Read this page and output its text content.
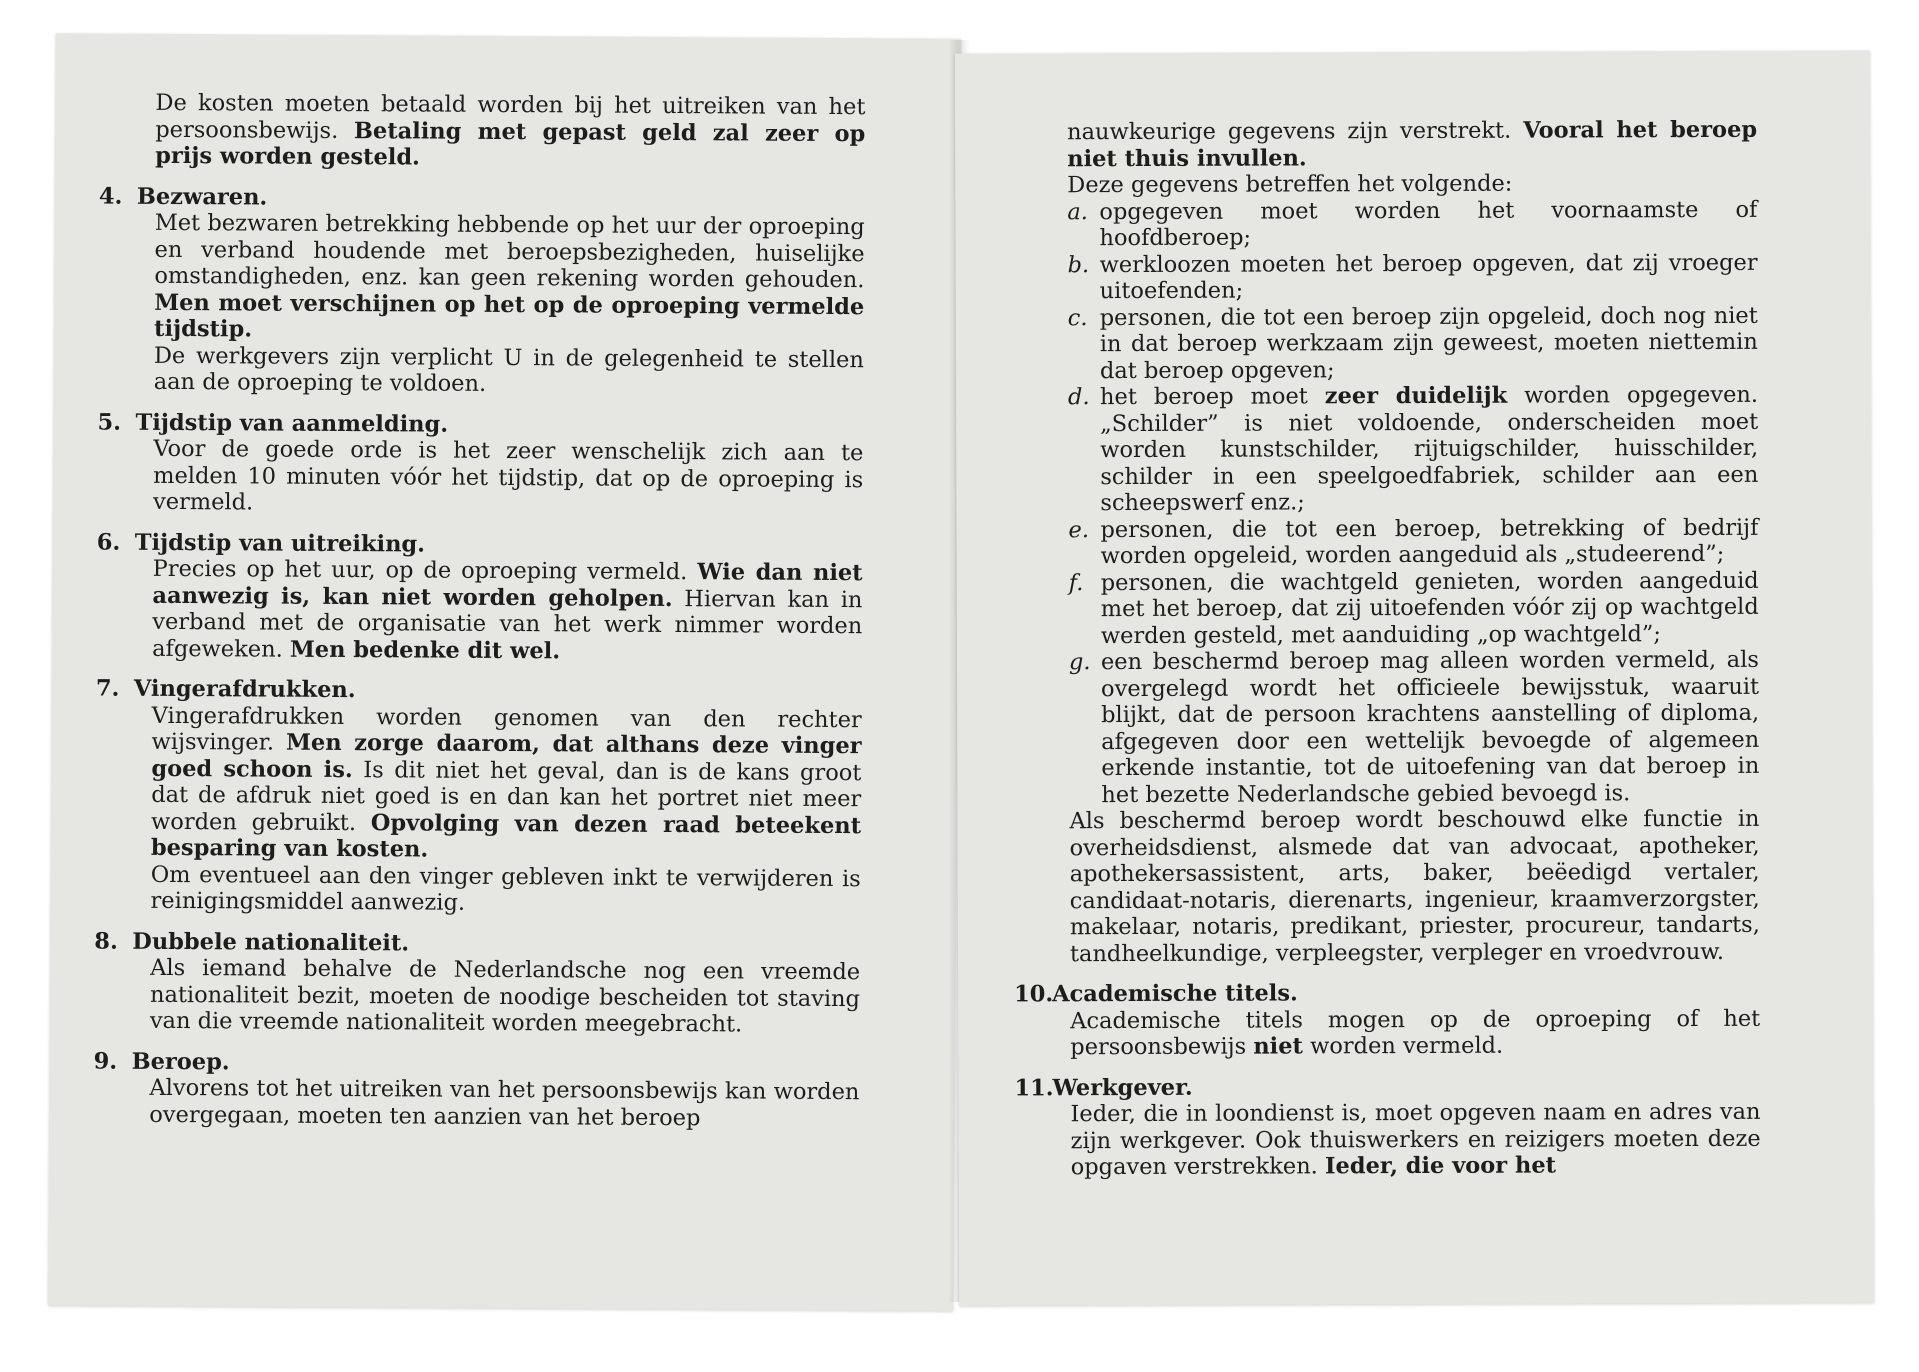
De kosten moeten betaald worden bij het uitreiken van het persoonsbewijs. Betaling met gepast geld zal zeer op prijs worden gesteld.

4. Bezwaren.

Met bezwaren betrekking hebbende op het uur der oproeping en verband houdende met beroepsbezigheden, huiselijke omstandigheden, enz. kan geen rekening worden gehouden. Men moet verschijnen op het op de oproeping vermelde tijdstip.

De werkgevers zijn verplicht U in de gelegenheid te stellen aan de oproeping te voldoen.

5. Tijdstip van aanmelding.

Voor de goede orde is het zeer wenschelijk zich aan te melden 10 minuten vóór het tijdstip, dat op de oproeping is vermeld.

6. Tijdstip van uitreiking.

Precies op het uur, op de oproeping vermeld. Wie dan niet aanwezig is, kan niet worden geholpen. Hiervan kan in verband met de organisatie van het werk nimmer worden afgeweken. Men bedenke dit wel.

7. Vingerafdrukken.

Vingerafdrukken worden genomen van den rechter wijsvinger. Men zorge daarom, dat althans deze vinger goed schoon is. Is dit niet het geval, dan is de kans groot dat de afdruk niet goed is en dan kan het portret niet meer worden gebruikt. Opvolging van dezen raad beteekent besparing van kosten.

Om eventueel aan den vinger gebleven inkt te verwijderen is reinigingsmiddel aanwezig.

8. Dubbele nationaliteit.

Als iemand behalve de Nederlandsche nog een vreemde nationaliteit bezit, moeten de noodige bescheiden tot staving van die vreemde nationaliteit worden meegebracht.

9. Beroep.

Alvorens tot het uitreiken van het persoonsbewijs kan worden overgegaan, moeten ten aanzien van het beroep

nauwkeurige gegevens zijn verstrekt. Vooral het beroep niet thuis invullen.

Deze gegevens betreffen het volgende:

a. opgegeven moet worden het voornaamste of hoofdberoep;
b. werkloozen moeten het beroep opgeven, dat zij vroeger uitoefenden;
c. personen, die tot een beroep zijn opgeleid, doch nog niet in dat beroep werkzaam zijn geweest, moeten niettemin dat beroep opgeven;
d. het beroep moet zeer duidelijk worden opgegeven. „Schilder” is niet voldoende, onderscheiden moet worden kunstschilder, rijtuigschilder, huisschilder, schilder in een speelgoedfabriek, schilder aan een scheepswerf enz.;
e. personen, die tot een beroep, betrekking of bedrijf worden opgeleid, worden aangeduid als „studeerend”;
f. personen, die wachtgeld genieten, worden aangeduid met het beroep, dat zij uitoefenden vóór zij op wachtgeld werden gesteld, met aanduiding „op wachtgeld”;
g. een beschermd beroep mag alleen worden vermeld, als overgelegd wordt het officieele bewijsstuk, waaruit blijkt, dat de persoon krachtens aanstelling of diploma, afgegeven door een wettelijk bevoegde of algemeen erkende instantie, tot de uitoefening van dat beroep in het bezette Nederlandsche gebied bevoegd is.

Als beschermd beroep wordt beschouwd elke functie in overheidsdienst, alsmede dat van advocaat, apotheker, apothekersassistent, arts, baker, beëedigd vertaler, candidaat-notaris, dierenarts, ingenieur, kraamverzorgster, makelaar, notaris, predikant, priester, procureur, tandarts, tandheelkundige, verpleegster, verpleger en vroedvrouw.

10.Academische titels.

Academische titels mogen op de oproeping of het persoonsbewijs niet worden vermeld.

11.Werkgever.

Ieder, die in loondienst is, moet opgeven naam en adres van zijn werkgever. Ook thuiswerkers en reizigers moeten deze opgaven verstrekken. Ieder, die voor het
